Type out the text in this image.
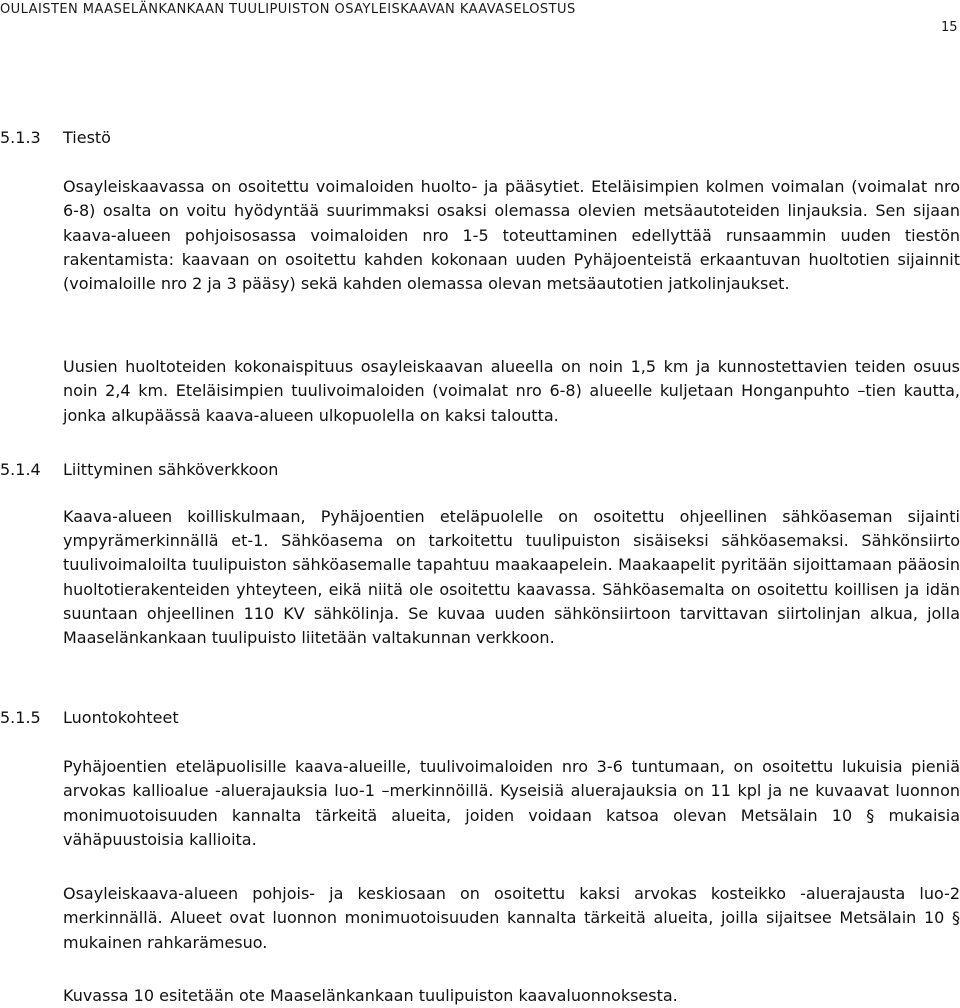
OULAISTEN MAASELÄNKANKAAN TUULIPUISTON OSAYLEISKAAVAN KAAVASELOSTUS
15
5.1.3 Tiestö

Osayleiskaavassa on osoitettu voimaloiden huolto- ja pääsytiet. Eteläisimpien kolmen voimalan (voimalat nro 6-8) osalta on voitu hyödyntää suurimmaksi osaksi olemassa olevien metsäautoteiden linjauksia. Sen sijaan kaava-alueen pohjoisosassa voimaloiden nro 1-5 toteuttaminen edellyttää runsaammin uuden tiestön rakentamista: kaavaan on osoitettu kahden kokonaan uuden Pyhäjoenteistä erkaantuvan huoltotien sijainnit (voimaloille nro 2 ja 3 pääsy) sekä kahden olemassa olevan metsäautotien jatkolinjaukset.

Uusien huoltoteiden kokonaispituus osayleiskaavan alueella on noin 1,5 km ja kunnostettavien teiden osuus noin 2,4 km. Eteläisimpien tuulivoimaloiden (voimalat nro 6-8) alueelle kuljetaan Honganpuhto –tien kautta, jonka alkupäässä kaava-alueen ulkopuolella on kaksi taloutta.

5.1.4 Liittyminen sähköverkkoon

Kaava-alueen koilliskulmaan, Pyhäjoentien eteläpuolelle on osoitettu ohjeellinen sähköaseman sijainti ympyrämerkinnällä et-1. Sähköasema on tarkoitettu tuulipuiston sisäiseksi sähköasemaksi. Sähkönsiirto tuulivoimaloilta tuulipuiston sähköasemalle tapahtuu maakaapelein. Maakaapelit pyritään sijoittamaan pääosin huoltotierakenteiden yhteyteen, eikä niitä ole osoitettu kaavassa. Sähköasemalta on osoitettu koillisen ja idän suuntaan ohjeellinen 110 KV sähkölinja. Se kuvaa uuden sähkönsiirtoon tarvittavan siirtolinjan alkua, jolla Maaselänkankaan tuulipuisto liitetään valtakunnan verkkoon.

5.1.5 Luontokohteet

Pyhäjoentien eteläpuolisille kaava-alueille, tuulivoimaloiden nro 3-6 tuntumaan, on osoitettu lukuisia pieniä arvokas kallioalue -aluerajauksia luo-1 –merkinnöillä. Kyseisiä aluerajauksia on 11 kpl ja ne kuvaavat luonnon monimuotoisuuden kannalta tärkeitä alueita, joiden voidaan katsoa olevan Metsälain 10 § mukaisia vähäpuustoisia kallioita.

Osayleiskaava-alueen pohjois- ja keskiosaan on osoitettu kaksi arvokas kosteikko -aluerajausta luo-2 merkinnällä. Alueet ovat luonnon monimuotoisuuden kannalta tärkeitä alueita, joilla sijaitsee Metsälain 10 § mukainen rahkarämesuo.

Kuvassa 10 esitetään ote Maaselänkankaan tuulipuiston kaavaluonnoksesta.
